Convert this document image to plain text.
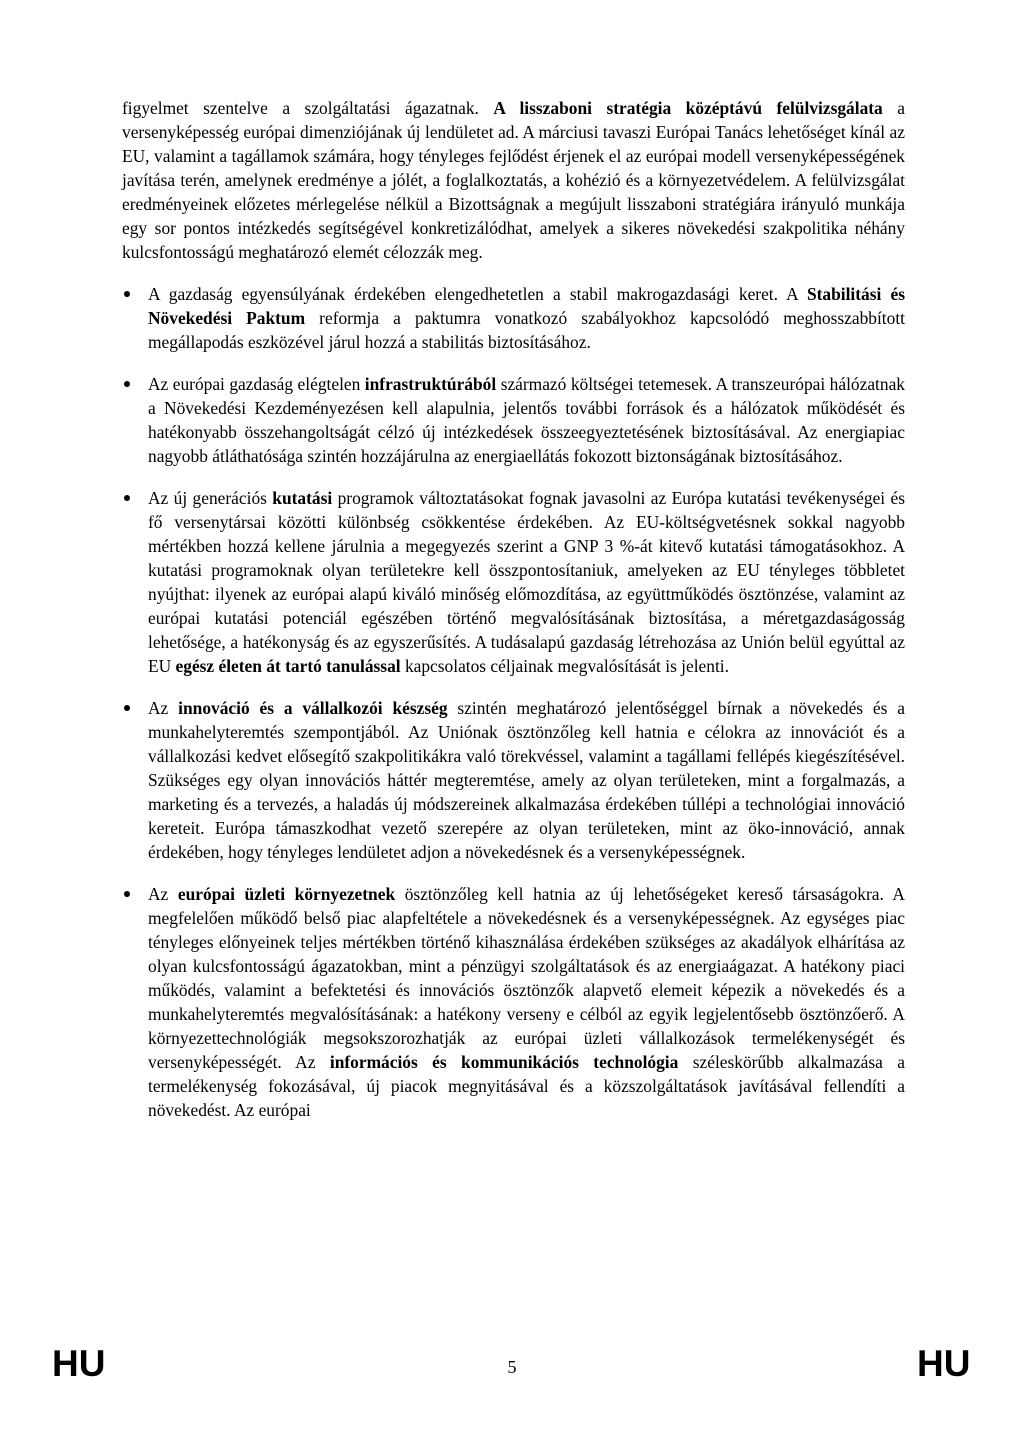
figyelmet szentelve a szolgáltatási ágazatnak. A lisszaboni stratégia középtávú felülvizsgálata a versenyképesség európai dimenziójának új lendületet ad. A márciusi tavaszi Európai Tanács lehetőséget kínál az EU, valamint a tagállamok számára, hogy tényleges fejlődést érjenek el az európai modell versenyképességének javítása terén, amelynek eredménye a jólét, a foglalkoztatás, a kohézió és a környezetvédelem. A felülvizsgálat eredményeinek előzetes mérlegelése nélkül a Bizottságnak a megújult lisszaboni stratégiára irányuló munkája egy sor pontos intézkedés segítségével konkretizálódhat, amelyek a sikeres növekedési szakpolitika néhány kulcsfontosságú meghatározó elemét célozzák meg.

A gazdaság egyensúlyának érdekében elengedhetetlen a stabil makrogazdasági keret. A Stabilitási és Növekedési Paktum reformja a paktumra vonatkozó szabályokhoz kapcsolódó meghosszabbított megállapodás eszközével járul hozzá a stabilitás biztosításához.

Az európai gazdaság elégtelen infrastruktúrából származó költségei tetemesek. A transzeurópai hálózatnak a Növekedési Kezdeményezésen kell alapulnia, jelentős további források és a hálózatok működését és hatékonyabb összehangoltságát célzó új intézkedések összeegyeztetésének biztosításával. Az energiapiac nagyobb átláthatósága szintén hozzájárulna az energiaellátás fokozott biztonságának biztosításához.

Az új generációs kutatási programok változtatásokat fognak javasolni az Európa kutatási tevékenységei és fő versenytársai közötti különbség csökkentése érdekében. Az EU-költségvetésnek sokkal nagyobb mértékben hozzá kellene járulnia a megegyezés szerint a GNP 3 %-át kitevő kutatási támogatásokhoz. A kutatási programoknak olyan területekre kell összpontosítaniuk, amelyeken az EU tényleges többletet nyújthat: ilyenek az európai alapú kiváló minőség előmozdítása, az együttműködés ösztönzése, valamint az európai kutatási potenciál egészében történő megvalósításának biztosítása, a méretgazdaságosság lehetősége, a hatékonyság és az egyszerűsítés. A tudásalapú gazdaság létrehozása az Unión belül egyúttal az EU egész életen át tartó tanulással kapcsolatos céljainak megvalósítását is jelenti.

Az innováció és a vállalkozói készség szintén meghatározó jelentőséggel bírnak a növekedés és a munkahelyteremtés szempontjából. Az Uniónak ösztönzőleg kell hatnia e célokra az innovációt és a vállalkozási kedvet elősegítő szakpolitikákra való törekvéssel, valamint a tagállami fellépés kiegészítésével. Szükséges egy olyan innovációs háttér megteremtése, amely az olyan területeken, mint a forgalmazás, a marketing és a tervezés, a haladás új módszereinek alkalmazása érdekében túllépi a technológiai innováció kereteit. Európa támaszkodhat vezető szerepére az olyan területeken, mint az öko-innováció, annak érdekében, hogy tényleges lendületet adjon a növekedésnek és a versenyképességnek.

Az európai üzleti környezetnek ösztönzőleg kell hatnia az új lehetőségeket kereső társaságokra. A megfelelően működő belső piac alapfeltétele a növekedésnek és a versenyképességnek. Az egységes piac tényleges előnyeinek teljes mértékben történő kihasználása érdekében szükséges az akadályok elhárítása az olyan kulcsfontosságú ágazatokban, mint a pénzügyi szolgáltatások és az energiaágazat. A hatékony piaci működés, valamint a befektetési és innovációs ösztönzők alapvető elemeit képezik a növekedés és a munkahelyteremtés megvalósításának: a hatékony verseny e célból az egyik legjelentősebb ösztönzőerő. A környezettechnológiák megsokszorozhatják az európai üzleti vállalkozások termelékenységét és versenyképességét. Az információs és kommunikációs technológia széleskörűbb alkalmazása a termelékenység fokozásával, új piacok megnyitásával és a közszolgáltatások javításával fellendíti a növekedést. Az európai

HU	5	HU
